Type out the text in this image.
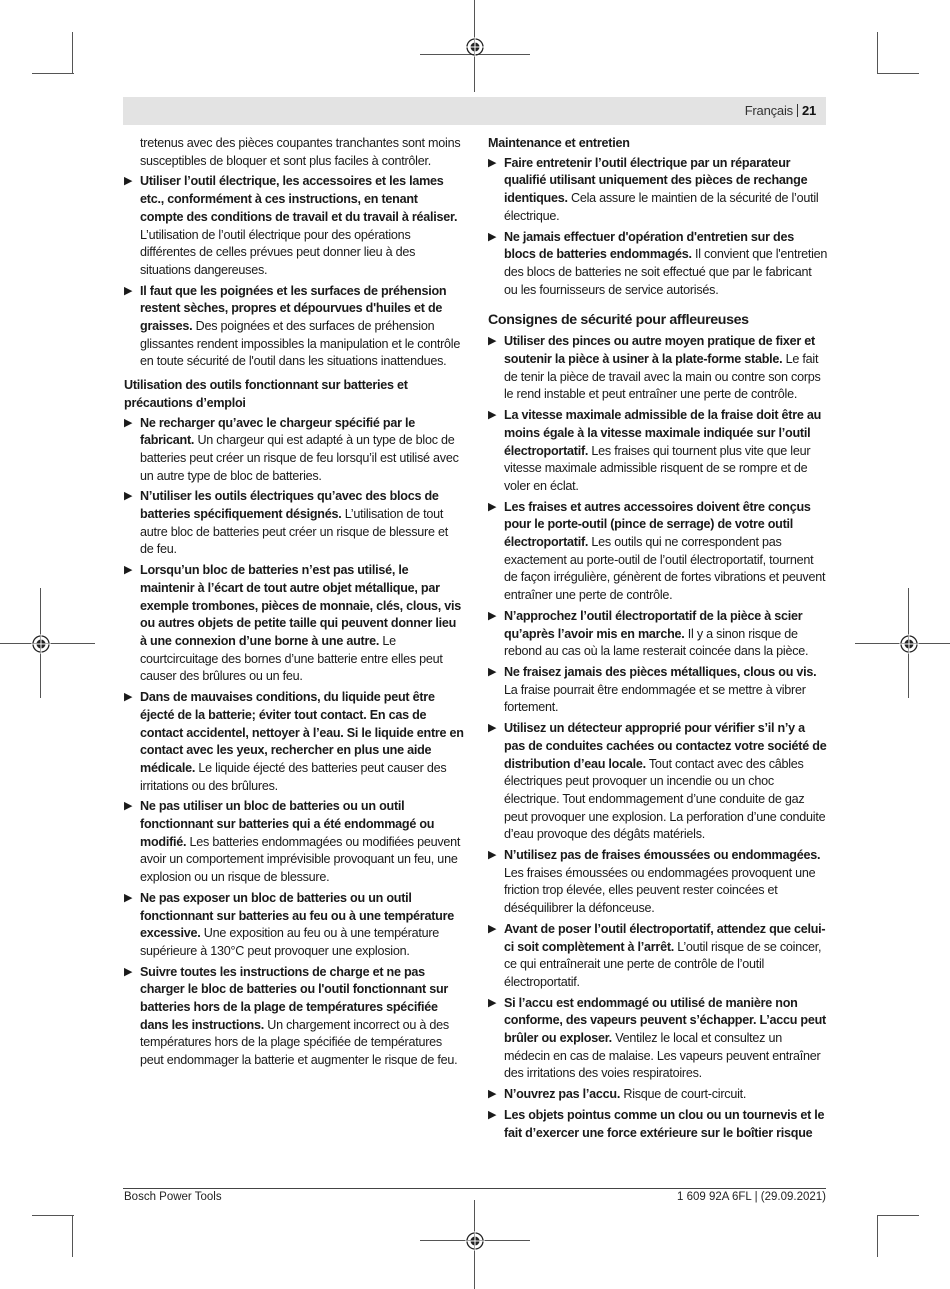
Français 21
tretenus avec des pièces coupantes tranchantes sont moins susceptibles de bloquer et sont plus faciles à contrôler.
▶ Utiliser l’outil électrique, les accessoires et les lames etc., conformément à ces instructions, en tenant compte des conditions de travail et du travail à réaliser. L’utilisation de l’outil électrique pour des opérations différentes de celles prévues peut donner lieu à des situations dangereuses.
▶ Il faut que les poignées et les surfaces de préhension restent sèches, propres et dépourvues d'huiles et de graisses. Des poignées et des surfaces de préhension glissantes rendent impossibles la manipulation et le contrôle en toute sécurité de l'outil dans les situations inattendues.
Utilisation des outils fonctionnant sur batteries et précautions d’emploi
▶ Ne recharger qu’avec le chargeur spécifié par le fabricant. Un chargeur qui est adapté à un type de bloc de batteries peut créer un risque de feu lorsqu’il est utilisé avec un autre type de bloc de batteries.
▶ N’utiliser les outils électriques qu’avec des blocs de batteries spécifiquement désignés. L’utilisation de tout autre bloc de batteries peut créer un risque de blessure et de feu.
▶ Lorsqu’un bloc de batteries n’est pas utilisé, le maintenir à l’écart de tout autre objet métallique, par exemple trombones, pièces de monnaie, clés, clous, vis ou autres objets de petite taille qui peuvent donner lieu à une connexion d’une borne à une autre. Le courtcircuitage des bornes d’une batterie entre elles peut causer des brûlures ou un feu.
▶ Dans de mauvaises conditions, du liquide peut être éjecté de la batterie; éviter tout contact. En cas de contact accidentel, nettoyer à l’eau. Si le liquide entre en contact avec les yeux, rechercher en plus une aide médicale. Le liquide éjecté des batteries peut causer des irritations ou des brûlures.
▶ Ne pas utiliser un bloc de batteries ou un outil fonctionnant sur batteries qui a été endommagé ou modifié. Les batteries endommagées ou modifiées peuvent avoir un comportement imprévisible provoquant un feu, une explosion ou un risque de blessure.
▶ Ne pas exposer un bloc de batteries ou un outil fonctionnant sur batteries au feu ou à une température excessive. Une exposition au feu ou à une température supérieure à 130°C peut provoquer une explosion.
▶ Suivre toutes les instructions de charge et ne pas charger le bloc de batteries ou l'outil fonctionnant sur batteries hors de la plage de températures spécifiée dans les instructions. Un chargement incorrect ou à des températures hors de la plage spécifiée de températures peut endommager la batterie et augmenter le risque de feu.
Maintenance et entretien
▶ Faire entretenir l’outil électrique par un réparateur qualifié utilisant uniquement des pièces de rechange identiques. Cela assure le maintien de la sécurité de l’outil électrique.
▶ Ne jamais effectuer d'opération d'entretien sur des blocs de batteries endommagés. Il convient que l'entretien des blocs de batteries ne soit effectué que par le fabricant ou les fournisseurs de service autorisés.
Consignes de sécurité pour affleureuses
▶ Utiliser des pinces ou autre moyen pratique de fixer et soutenir la pièce à usiner à la plate-forme stable. Le fait de tenir la pièce de travail avec la main ou contre son corps le rend instable et peut entraîner une perte de contrôle.
▶ La vitesse maximale admissible de la fraise doit être au moins égale à la vitesse maximale indiquée sur l’outil électroportatif. Les fraises qui tournent plus vite que leur vitesse maximale admissible risquent de se rompre et de voler en éclat.
▶ Les fraises et autres accessoires doivent être conçus pour le porte-outil (pince de serrage) de votre outil électroportatif. Les outils qui ne correspondent pas exactement au porte-outil de l’outil électroportatif, tournent de façon irrégulière, génèrent de fortes vibrations et peuvent entraîner une perte de contrôle.
▶ N’approchez l’outil électroportatif de la pièce à scier qu’après l’avoir mis en marche. Il y a sinon risque de rebond au cas où la lame resterait coincée dans la pièce.
▶ Ne fraisez jamais des pièces métalliques, clous ou vis. La fraise pourrait être endommagée et se mettre à vibrer fortement.
▶ Utilisez un détecteur approprié pour vérifier s’il n’y a pas de conduites cachées ou contactez votre société de distribution d’eau locale. Tout contact avec des câbles électriques peut provoquer un incendie ou un choc électrique. Tout endommagement d’une conduite de gaz peut provoquer une explosion. La perforation d’une conduite d’eau provoque des dégâts matériels.
▶ N’utilisez pas de fraises émoussées ou endommagées. Les fraises émoussées ou endommagées provoquent une friction trop élevée, elles peuvent rester coincées et déséquilibrer la défonceuse.
▶ Avant de poser l’outil électroportatif, attendez que celui-ci soit complètement à l’arrêt. L’outil risque de se coincer, ce qui entraînerait une perte de contrôle de l’outil électroportatif.
▶ Si l’accu est endommagé ou utilisé de manière non conforme, des vapeurs peuvent s’échapper. L’accu peut brûler ou exploser. Ventilez le local et consultez un médecin en cas de malaise. Les vapeurs peuvent entraîner des irritations des voies respiratoires.
▶ N’ouvrez pas l’accu. Risque de court-circuit.
▶ Les objets pointus comme un clou ou un tournevis et le fait d’exercer une force extérieure sur le boîtier risque
Bosch Power Tools	1 609 92A 6FL | (29.09.2021)
